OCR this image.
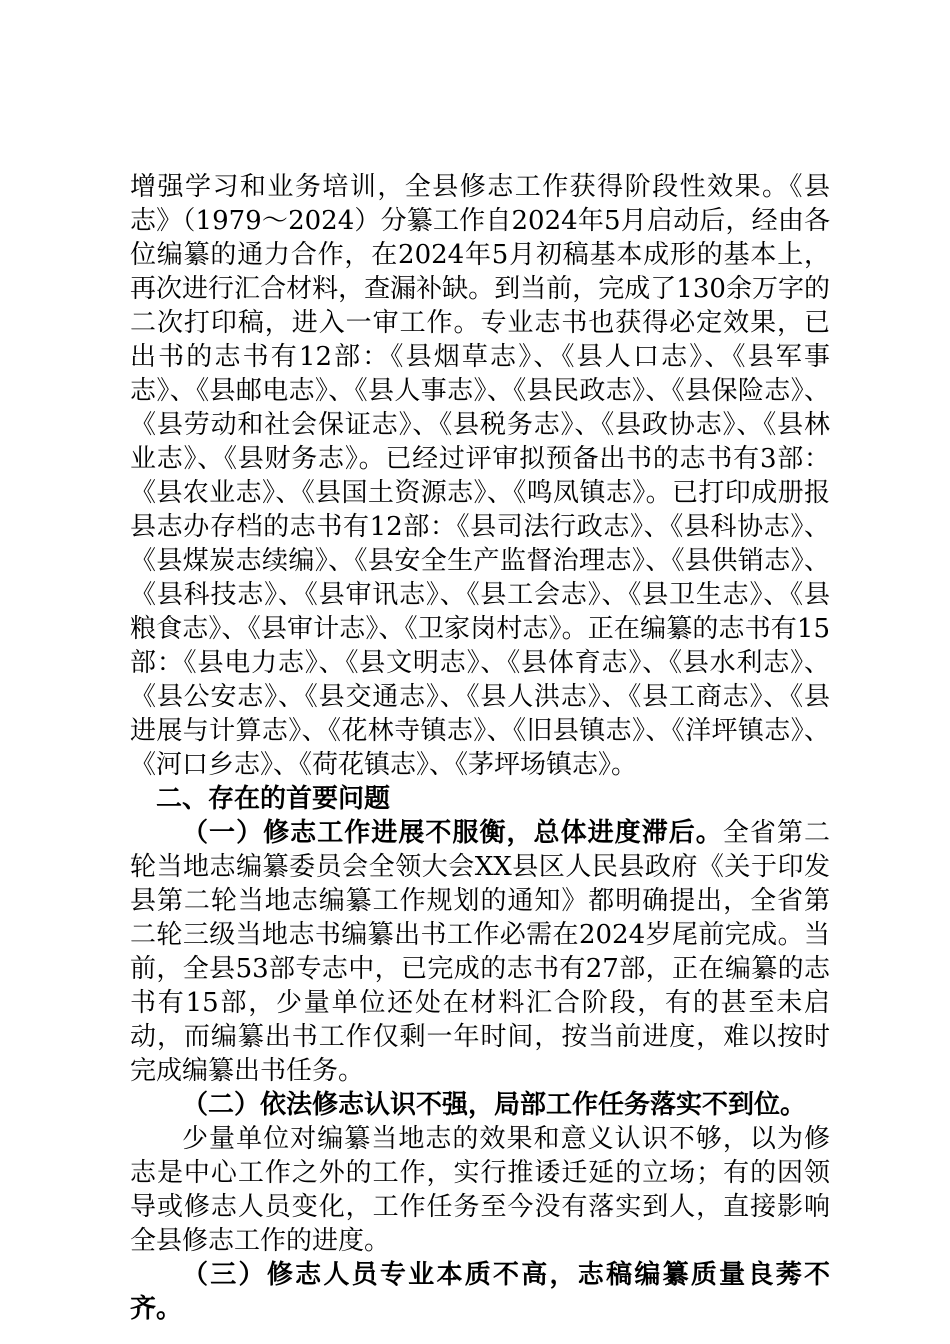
增强学习和业务培训，全县修志工作获得阶段性效果。《县志》（1979～2024）分纂工作自2024年5月启动后，经由各位编纂的通力合作，在2024年5月初稿基本成形的基本上，再次进行汇合材料，查漏补缺。到当前，完成了130余万字的二次打印稿，进入一审工作。专业志书也获得必定效果，已出书的志书有12部：《县烟草志》、《县人口志》、《县军事志》、《县邮电志》、《县人事志》、《县民政志》、《县保险志》、《县劳动和社会保证志》、《县税务志》、《县政协志》、《县林业志》、《县财务志》。已经过评审拟预备出书的志书有3部：《县农业志》、《县国土资源志》、《鸣凤镇志》。已打印成册报县志办存档的志书有12部：《县司法行政志》、《县科协志》、《县煤炭志续编》、《县安全生产监督治理志》、《县供销志》、《县科技志》、《县审讯志》、《县工会志》、《县卫生志》、《县粮食志》、《县审计志》、《卫家岗村志》。正在编纂的志书有15部：《县电力志》、《县文明志》、《县体育志》、《县水利志》、《县公安志》、《县交通志》、《县人洪志》、《县工商志》、《县进展与计算志》、《花林寺镇志》、《旧县镇志》、《洋坪镇志》、《河口乡志》、《荷花镇志》、《茅坪场镇志》。

二、存在的首要问题

（一）修志工作进展不服衡，总体进度滞后。全省第二轮当地志编纂委员会全领大会XX县区人民县政府《关于印发县第二轮当地志编纂工作规划的通知》都明确提出，全省第二轮三级当地志书编纂出书工作必需在2024岁尾前完成。当前，全县53部专志中，已完成的志书有27部，正在编纂的志书有15部，少量单位还处在材料汇合阶段，有的甚至未启动，而编纂出书工作仅剩一年时间，按当前进度，难以按时完成编纂出书任务。

（二）依法修志认识不强，局部工作任务落实不到位。

少量单位对编纂当地志的效果和意义认识不够，以为修志是中心工作之外的工作，实行推诿迁延的立场；有的因领导或修志人员变化，工作任务至今没有落实到人，直接影响全县修志工作的进度。

（三）修志人员专业本质不高，志稿编纂质量良莠不齐。
